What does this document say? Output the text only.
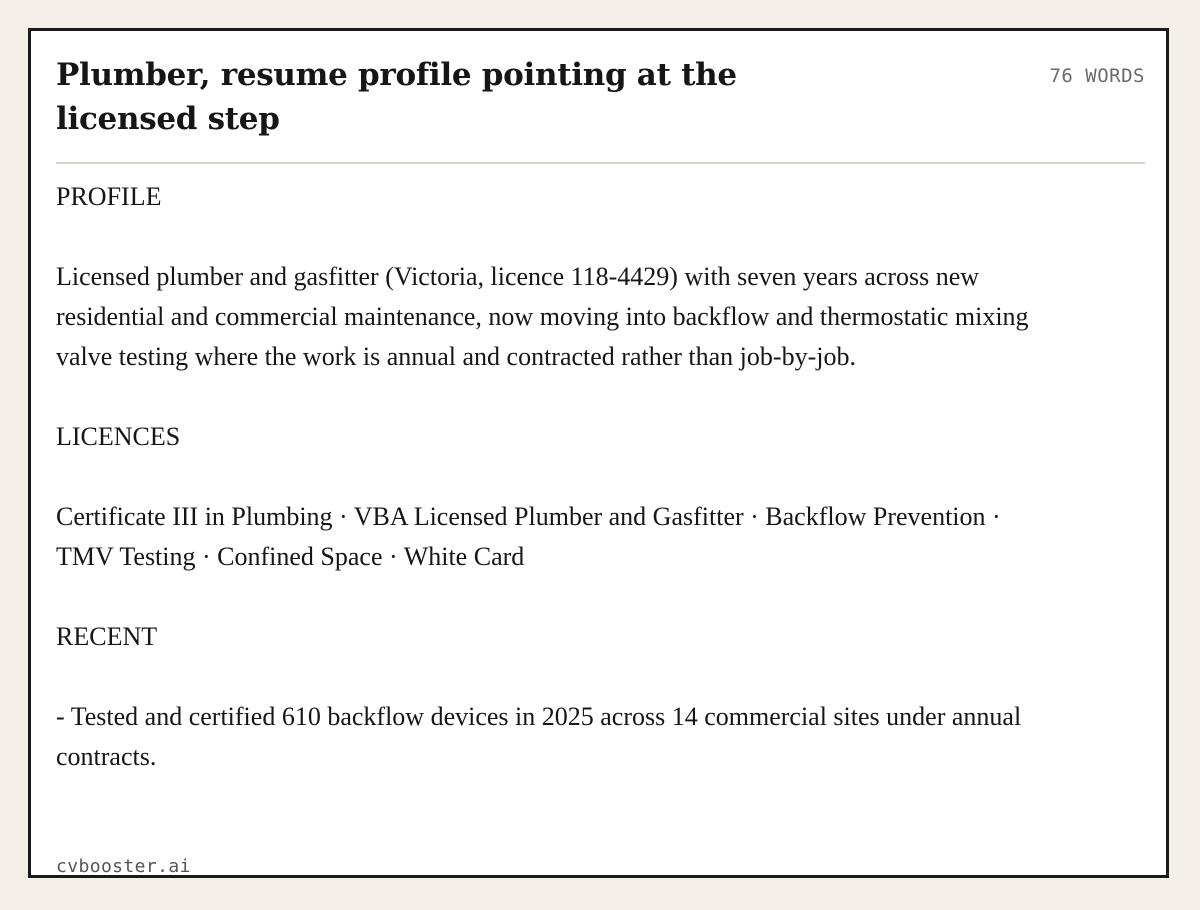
Plumber, resume profile pointing at the licensed step
76 WORDS

PROFILE

Licensed plumber and gasfitter (Victoria, licence 118-4429) with seven years across new residential and commercial maintenance, now moving into backflow and thermostatic mixing valve testing where the work is annual and contracted rather than job-by-job.

LICENCES

Certificate III in Plumbing · VBA Licensed Plumber and Gasfitter · Backflow Prevention · TMV Testing · Confined Space · White Card

RECENT

- Tested and certified 610 backflow devices in 2025 across 14 commercial sites under annual contracts.

cvbooster.ai
